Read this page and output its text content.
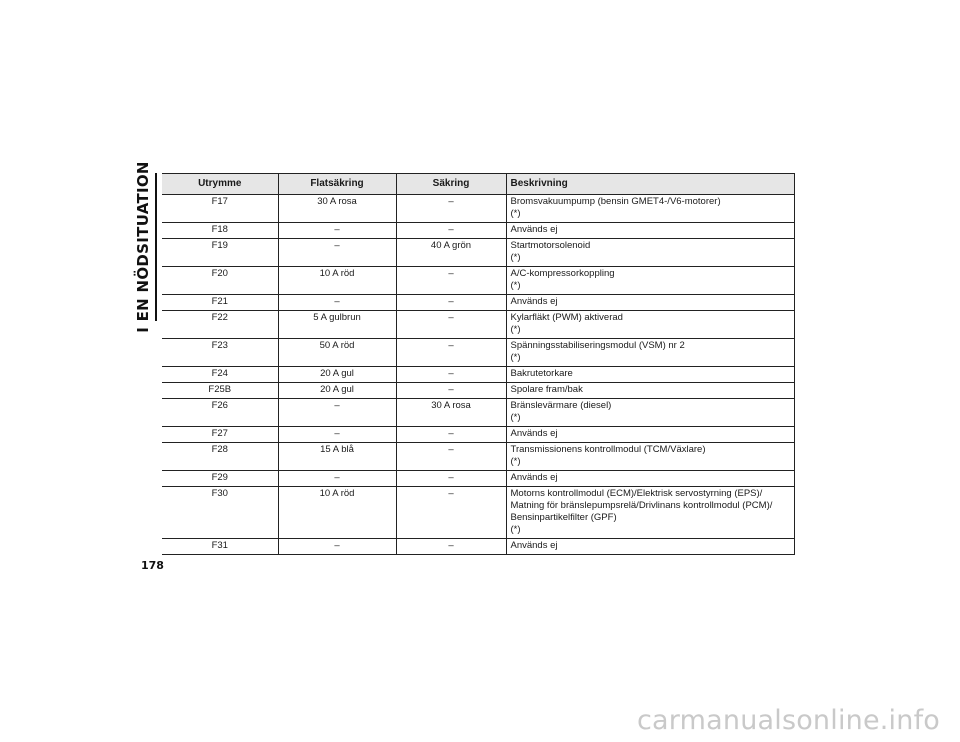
I EN NÖDSITUATION	Utrymme	Flatsäkring	Säkring	Beskrivning
F17	30 A rosa	–	Bromsvakuumpump (bensin GMET4-/V6-motorer)
(*)

F18	–	–	Används ej

F19	–	40 A grön	Startmotorsolenoid
(*)

F20	10 A röd	–	A/C-kompressorkoppling
(*)

F21	–	–	Används ej

F22	5 A gulbrun	–	Kylarfläkt (PWM) aktiverad
(*)

F23	50 A röd	–	Spänningsstabiliseringsmodul (VSM) nr 2
(*)

F24	20 A gul	–	Bakrutetorkare

F25B	20 A gul	–	Spolare fram/bak

F26	–	30 A rosa	Bränslevärmare (diesel)
(*)

F27	–	–	Används ej

F28	15 A blå	–	Transmissionens kontrollmodul (TCM/Växlare)
(*)

F29	–	–	Används ej

F30	10 A röd	–	Motorns kontrollmodul (ECM)/Elektrisk servostyrning (EPS)/
Matning för bränslepumpsrelä/Drivlinans kontrollmodul (PCM)/
Bensinpartikelfilter (GPF)
(*)

F31	–	–	Används ej
178
carmanualsonline.info
